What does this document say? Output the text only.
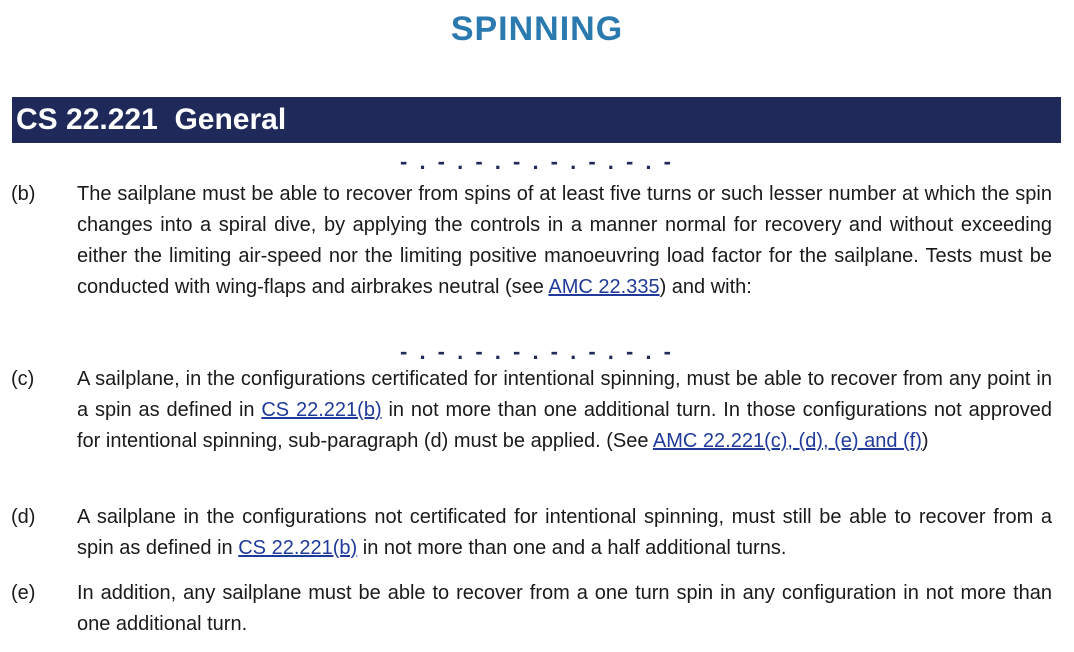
SPINNING
CS 22.221  General
- . - . - . - . - . - . - . -
(b) The sailplane must be able to recover from spins of at least five turns or such lesser number at which the spin changes into a spiral dive, by applying the controls in a manner normal for recovery and without exceeding either the limiting air-speed nor the limiting positive manoeuvring load factor for the sailplane. Tests must be conducted with wing-flaps and airbrakes neutral (see AMC 22.335) and with:
- . - . - . - . - . - . - . -
(c) A sailplane, in the configurations certificated for intentional spinning, must be able to recover from any point in a spin as defined in CS 22.221(b) in not more than one additional turn. In those configurations not approved for intentional spinning, sub-paragraph (d) must be applied. (See AMC 22.221(c), (d), (e) and (f))
(d) A sailplane in the configurations not certificated for intentional spinning, must still be able to recover from a spin as defined in CS 22.221(b) in not more than one and a half additional turns.
(e) In addition, any sailplane must be able to recover from a one turn spin in any configuration in not more than one additional turn.
